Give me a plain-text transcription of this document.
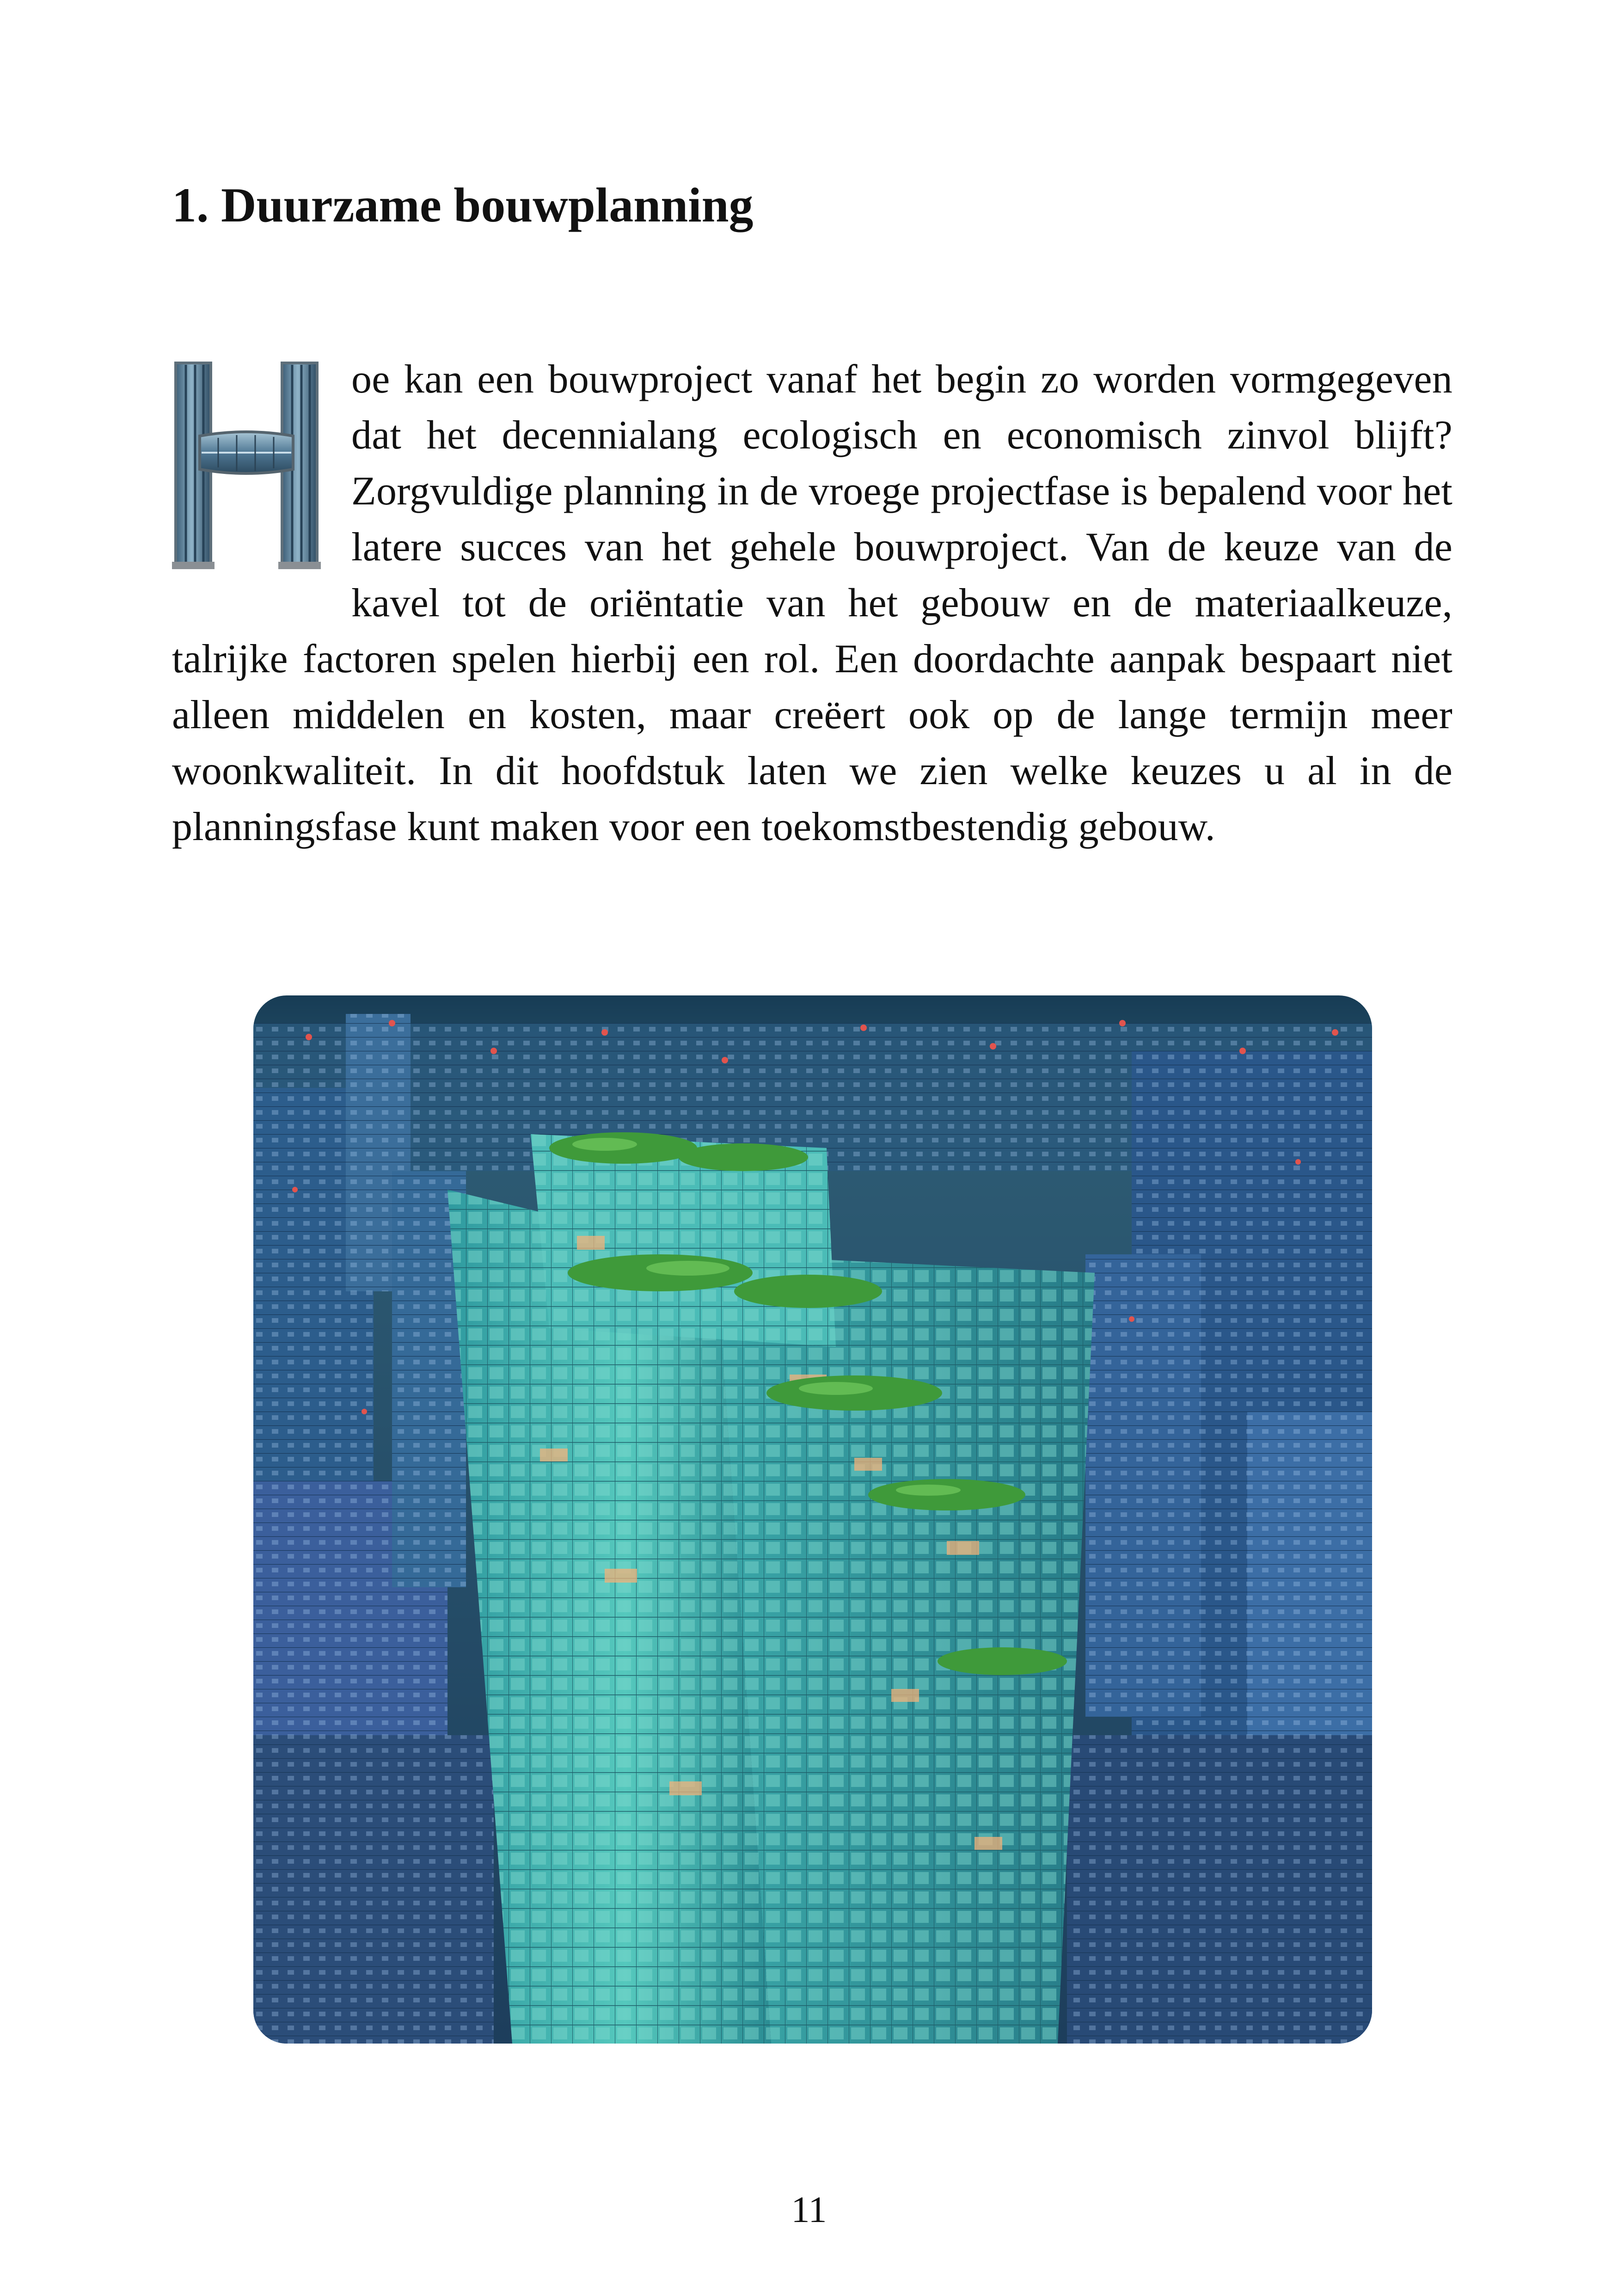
1. Duurzame bouwplanning

oe kan een bouwproject vanaf het begin zo worden vormgegeven dat het decennialang ecologisch en economisch zinvol blijft? Zorgvuldige planning in de vroege projectfase is bepalend voor het latere succes van het gehele bouwproject. Van de keuze van de kavel tot de oriëntatie van het gebouw en de materiaalkeuze, talrijke factoren spelen hierbij een rol. Een doordachte aanpak bespaart niet alleen middelen en kosten, maar creëert ook op de lange termijn meer woonkwaliteit. In dit hoofdstuk laten we zien welke keuzes u al in de planningsfase kunt maken voor een toekomstbestendig gebouw.

11
